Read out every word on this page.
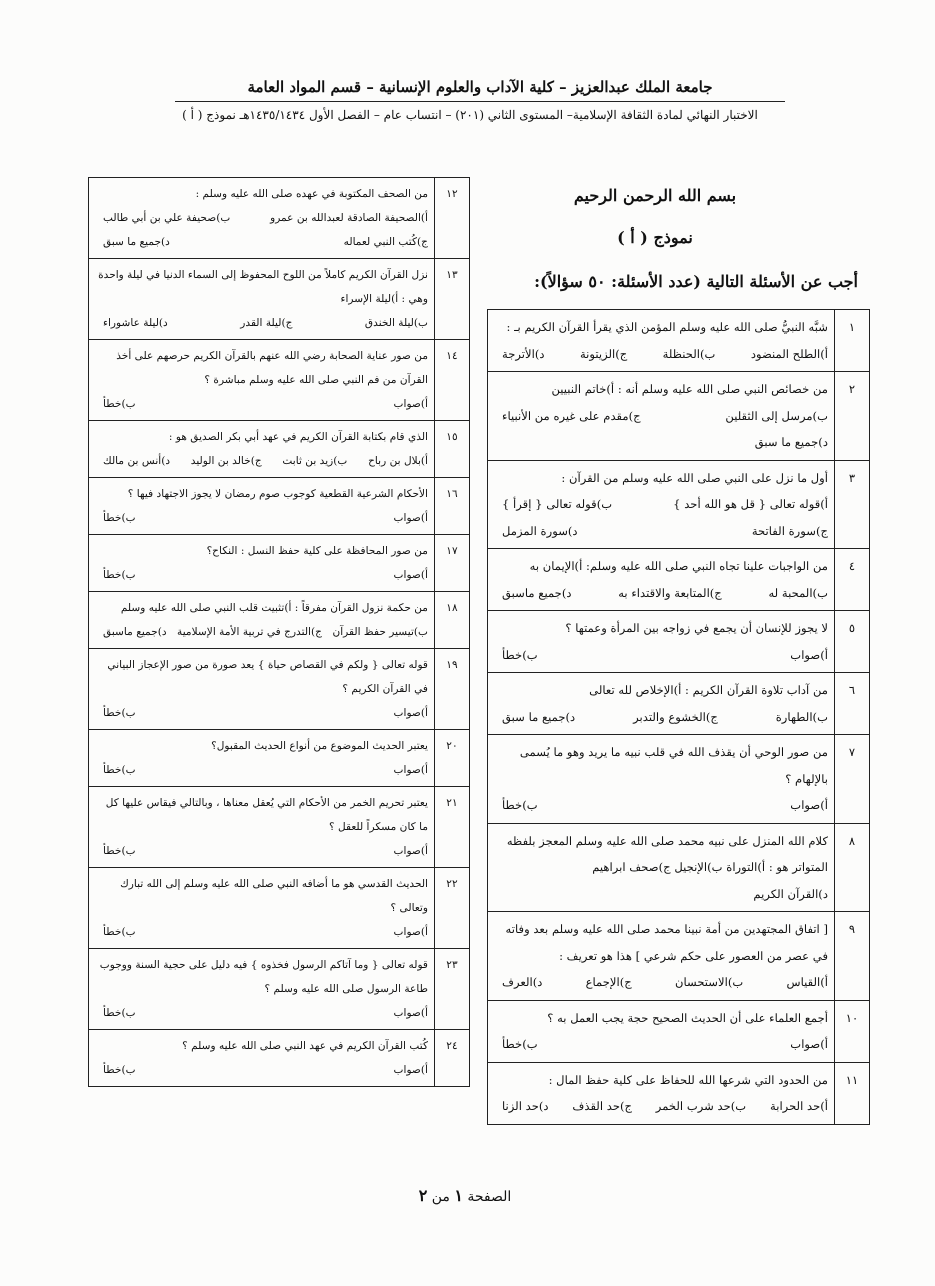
جامعة الملك عبدالعزيز – كلية الآداب والعلوم الإنسانية – قسم المواد العامة
الاختبار النهائي لمادة الثقافة الإسلامية– المستوى الثاني (٢٠١) – انتساب عام – الفصل الأول ١٤٣٥/١٤٣٤هـ نموذج ( أ )
بسم الله الرحمن الرحيم
نموذج ( أ )
أجب عن الأسئلة التالية (عدد الأسئلة: ٥٠ سؤالاً):
١	شبَّه النبيُّ صلى الله عليه وسلم المؤمن الذي يقرأ القرآن الكريم بـ :
أ)الطلح المنضود
ب)الحنظلة
ج)الزيتونة
د)الأترجة

٢	من خصائص النبي صلى الله عليه وسلم أنه : أ)خاتم النبيين
ب)مرسل إلى الثقلين
ج)مقدم على غيره من الأنبياء
د)جميع ما سبق

٣	أول ما نزل على النبي صلى الله عليه وسلم من القرآن :
أ)قوله تعالى { قل هو الله أحد }
ب)قوله تعالى { إقرأ }
ج)سورة الفاتحة
د)سورة المزمل

٤	من الواجبات علينا تجاه النبي صلى الله عليه وسلم: أ)الإيمان به
ب)المحبة له
ج)المتابعة والاقتداء به
د)جميع ماسبق

٥	لا يجوز للإنسان أن يجمع في زواجه بين المرأة وعمتها ؟
أ)صواب
ب)خطأ

٦	من آداب تلاوة القرآن الكريم : أ)الإخلاص لله تعالى
ب)الطهارة
ج)الخشوع والتدبر
د)جميع ما سبق

٧	من صور الوحي أن يقذف الله في قلب نبيه ما يريد وهو ما يُسمى بالإلهام ؟
أ)صواب
ب)خطأ

٨	كلام الله المنزل على نبيه محمد صلى الله عليه وسلم المعجز بلفظه المتواتر هو : أ)التوراة ب)الإنجيل ج)صحف ابراهيم
د)القرآن الكريم

٩	[ اتفاق المجتهدين من أمة نبينا محمد صلى الله عليه وسلم بعد وفاته في عصر من العصور على حكم شرعي ] هذا هو تعريف :
أ)القياس
ب)الاستحسان
ج)الإجماع
د)العرف

١٠	أجمع العلماء على أن الحديث الصحيح حجة يجب العمل به ؟
أ)صواب
ب)خطأ

١١	من الحدود التي شرعها الله للحفاظ على كلية حفظ المال :
أ)حد الحرابة
ب)حد شرب الخمر
ج)حد القذف
د)حد الزنا
١٢	من الصحف المكتوبة في عهده صلى الله عليه وسلم :
أ)الصحيفة الصادقة لعبدالله بن عمرو
ب)صحيفة علي بن أبي طالب
ج)كُتب النبي لعماله
د)جميع ما سبق

١٣	نزل القرآن الكريم كاملاً من اللوح المحفوظ إلى السماء الدنيا في ليلة واحدة وهي : أ)ليلة الإسراء
ب)ليلة الخندق
ج)ليلة القدر
د)ليلة عاشوراء

١٤	من صور عناية الصحابة رضي الله عنهم بالقرآن الكريم حرصهم على أخذ القرآن من فم النبي صلى الله عليه وسلم مباشرة ؟
أ)صواب
ب)خطأ

١٥	الذي قام بكتابة القرآن الكريم في عهد أبي بكر الصديق هو :
أ)بلال بن رباح
ب)زيد بن ثابت
ج)خالد بن الوليد
د)أنس بن مالك

١٦	الأحكام الشرعية القطعية كوجوب صوم رمضان لا يجوز الاجتهاد فيها ؟
أ)صواب
ب)خطأ

١٧	من صور المحافظة على كلية حفظ النسل : النكاح؟
أ)صواب
ب)خطأ

١٨	من حكمة نزول القرآن مفرقاً : أ)تثبيت قلب النبي صلى الله عليه وسلم
ب)تيسير حفظ القرآن
ج)التدرج في تربية الأمة الإسلامية
د)جميع ماسبق

١٩	قوله تعالى { ولكم في القصاص حياة } يعد صورة من صور الإعجاز البياني في القرآن الكريم ؟
أ)صواب
ب)خطأ

٢٠	يعتبر الحديث الموضوع من أنواع الحديث المقبول؟
أ)صواب
ب)خطأ

٢١	يعتبر تحريم الخمر من الأحكام التي يُعقل معناها ، وبالتالي فيقاس عليها كل ما كان مسكراً للعقل ؟
أ)صواب
ب)خطأ

٢٢	الحديث القدسي هو ما أضافه النبي صلى الله عليه وسلم إلى الله تبارك وتعالى ؟
أ)صواب
ب)خطأ

٢٣	قوله تعالى { وما آتاكم الرسول فخذوه } فيه دليل على حجية السنة ووجوب طاعة الرسول صلى الله عليه وسلم ؟
أ)صواب
ب)خطأ

٢٤	كُتب القرآن الكريم في عهد النبي صلى الله عليه وسلم ؟
أ)صواب
ب)خطأ
الصفحة ١ من ٢
